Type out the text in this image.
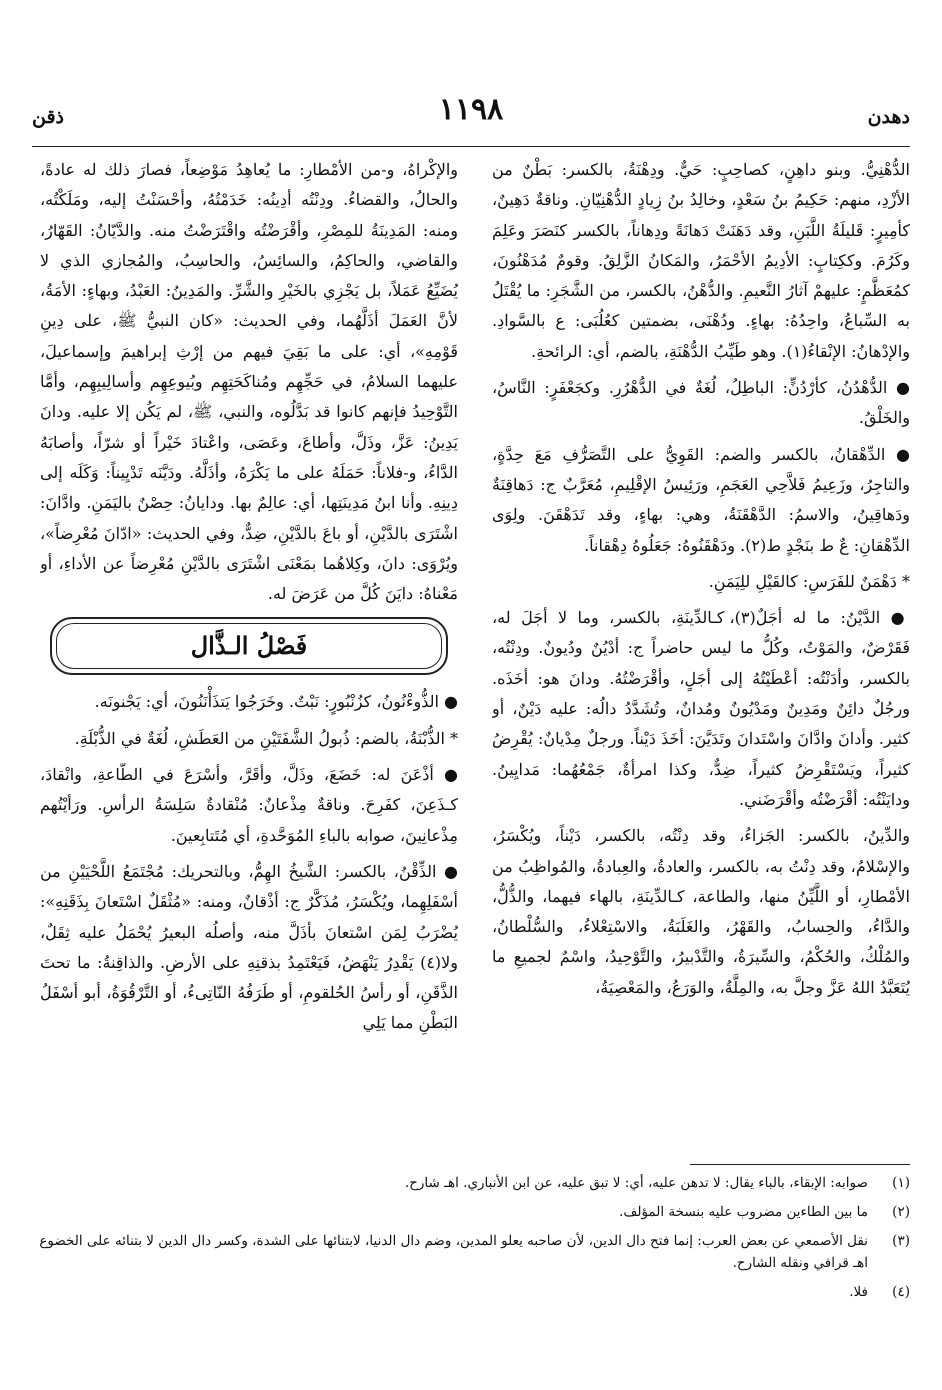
دهدن
١١٩٨
ذقن

الدُّهْنِيُّ. وبنو داهِنٍ، كصاحِبٍ: حَيٌّ. ودِهْنَةُ، بالكسر: بَطْنٌ من الأزْدِ، منهم: حَكِيمُ بنُ سَعْدٍ، وخالِدُ بنُ زِيادٍ الدُّهْنِيّانِ. وناقةٌ دَهِينٌ، كأمِيرٍ: قَليلَةُ اللَّبَنِ، وقد دَهَنَتْ دَهانَةً ودِهاناً، بالكسر كنَصَرَ وعَلِمَ وكَرُمَ. وككِتابٍ: الأدِيمُ الأحْمَرُ، والمَكانُ الزَّلِقُ. وقومٌ مُدَهْنُونَ، كمُعَظَّمٍ: عليهمْ آثارُ النَّعيمِ. والدُّهْنُ، بالكسر، من الشَّجَرِ: ما يُقْتَلُ به السِّباعُ، واحِدُهُ: بهاءٍ. ودُهْنَى، بضمتين كعُلُبَى: ع بالسَّوادِ. والإدْهانُ: الإنْقاءُ(١). وهو طَيِّبُ الدُّهْنَةِ، بالضم، أي: الرائحةِ.

● الدُّهْدُنُ، كأرْدُنٍّ: الباطِلُ، لُغَةٌ في الدُّهْرُرِ. وكجَعْفَرٍ: النَّاسُ، والخَلْقُ.

● الدِّهْقانُ، بالكسر والضم: القَوِيُّ على التَّصَرُّفِ مَعَ حِدَّةٍ، والتاجِرُ، وزَعِيمُ فَلاَّحِي العَجَمِ، ورَئِيسُ الإقْلِيمِ، مُعَرَّبٌ ج: دَهاقِنَةٌ ودَهاقِينُ، والاسمُ: الدَّهْقَنَةُ، وهي: بهاءٍ، وقد تَدَهْقَنَ. ولِوَى الدِّهْقانِ: عٌ ط بنَجْدٍ ط(٢). ودَهْقَنُوهُ: جَعَلُوهُ دِهْقاناً.

* دَهْمَنٌ للفَرَسِ: كالقَيْلِ للِيَمَنِ.

● الدَّيْنُ: ما له أجَلٌ(٣)، كـالدِّينَةِ، بالكسر، وما لا أجَلَ له، فَقَرْضٌ، والمَوْتُ، وكُلُّ ما ليس حاضراً ج: أدْيُنٌ ودُيونٌ. ودِنْتُه، بالكسر، وأدَنْتُه: أعْطَيْتُهُ إلى أجَلٍ، وأقْرَضْتُهُ. ودانَ هو: أخَذَه. ورجُلٌ دائِنٌ ومَدِينٌ ومَدْيُونٌ ومُدانٌ، وتُشَدَّدُ دالُه: عليه دَيْنٌ، أو كثير. وأدانَ وادَّانَ واسْتَدانَ وتَدَيَّنَ: أخَذَ دَيْناً. ورجلٌ مِدْيانٌ: يُقْرِضُ كثيراً، ويَسْتَقْرِضُ كثيراً، ضِدٌّ، وكذا امرأةٌ، جَمْعُهُما: مَدايِينُ. ودايَنْتُه: أقْرَضْتُه وأقْرَضَني.

والدِّينُ، بالكسر: الجَزاءُ، وقد دِنْتُه، بالكسر، دَيْناً، ويُكْسَرُ، والإسْلامُ، وقد دِنْتُ به، بالكسر، والعادةُ، والعِبادةُ، والمُواظِبُ من الأمْطارِ، أو اللَّيِّنُ منها، والطاعة، كـالدِّينَةِ، بالهاء فيهما، والذُّلُّ، والدَّاءُ، والحِسابُ، والقَهْرُ، والغَلَبَةُ، والاسْتِعْلاءُ، والسُّلْطانُ، والمُلْكُ، والحُكْمُ، والسِّيرَةُ، والتَّدْبيرُ، والتَّوْحِيدُ، واسْمٌ لجميعِ ما يُتَعَبَّدُ اللهُ عَزَّ وجلَّ به، والمِلَّةُ، والوَرَعُ، والمَعْصِيَةُ،

والإكْراهُ، و-من الأمْطارِ: ما يُعاهِدُ مَوْضِعاً، فصارَ ذلك له عادةً، والحالُ، والقضاءُ. ودِنْتُه أدِينُه: خَدَمْتُهُ، وأحْسَنْتُ إليه، ومَلَكْتُه، ومنه: المَدِينَةُ للمِصْرِ، وأقْرَضْتُه واقْتَرَضْتُ منه. والدَّيّانُ: القَهّارُ، والقاضي، والحاكِمُ، والسائِسُ، والحاسِبُ، والمُجازي الذي لا يُضَيِّعُ عَمَلاً، بل يَجْزِي بالخَيْرِ والشَّرِّ. والمَدِينُ: العَبْدُ، وبهاءٍ: الأمَةُ، لأنَّ العَمَلَ أذَلَّهُما، وفي الحديث: «كان النبيُّ ﷺ، على دِينِ قَوْمِهِ»، أي: على ما بَقِيَ فيهم من إرْثِ إبراهيمَ وإسماعيلَ، عليهما السلامُ، في حَجِّهِم ومُناكَحَتِهِم وبُيوعِهِم وأسالِيبِهِم، وأمَّا التَّوْحِيدُ فإنهم كانوا قد بَدَّلُوه، والنبي، ﷺ، لم يَكُن إلا عليه. ودانَ يَدِينُ: عَزَّ، وذَلَّ، وأطاعَ، وعَصَى، واعْتادَ خَيْراً أو شرّاً، وأصابَهُ الدَّاءُ، و-فلاناً: حَمَلَهُ على ما يَكْرَهُ، وأذَلَّهُ. ودَيَّنَه تَدْيِيناً: وَكَلَه إلى دِينِهِ. وأنا ابنُ مَدِينَتِها، أي: عالِمٌ بها. ودايانُ: حِصْنٌ باليَمَنِ. وادَّانَ: اشْتَرَى بالدَّيْنِ، أو باعَ بالدَّيْنِ، ضِدٌّ، وفي الحديث: «ادّانَ مُعْرِضاً»، ويُرْوَى: دانَ، وكِلاهُما بمَعْنَى اشْتَرَى بالدَّيْنِ مُعْرِضاً عن الأداءِ، أو مَعْناهُ: دايَنَ كُلَّ من عَرَضَ له.

فَصْلُ الـذَّال

● الذُّوءْنُونُ، كزُنْبُورٍ: نَبْتٌ. وخَرَجُوا يَتذَأْنَنُونَ، أي: يَجْنونَه.

* الذُّبْنَةُ، بالضم: ذُبولُ الشَّفَتَيْنِ من العَطَشِ، لُغَةٌ في الذُّبْلَةِ.

● أذْعَنَ له: خَضَعَ، وذَلَّ، وأقَرَّ، وأسْرَعَ في الطّاعةِ، وانْقادَ، كـذَعِنَ، كفَرِحَ. وناقةٌ مِذْعانٌ: مُنْقادةٌ سَلِسَةُ الرأسِ. ورَأيْتُهم مِذْعانِينَ، صوابه بالباءِ المُوَحَّدةِ، أي مُتَتابِعينَ.

● الذِّقْنُ، بالكسر: الشَّيخُ الهِمُّ، وبالتحريك: مُجْتَمَعُ اللَّحْيَيْنِ من أسْفَلِهِما، ويُكْسَرُ، مُذَكَّرٌ ج: أذْقانٌ، ومنه: «مُثْقَلٌ اسْتَعانَ بِذَقَنِهِ»: يُضْرَبُ لِمَن اسْتعانَ بأذَلَّ منه، وأصلُه البعيرُ يُحْمَلُ عليه ثِقَلٌ، ولا(٤) يَقْدِرُ يَنْهَضُ، فَيَعْتَمِدُ بذقنِهِ على الأرضِ. والذاقِنةُ: ما تحتَ الذَّقَنِ، أو رأسُ الحُلقومِ، أو طَرَفُهُ النّاتِىءُ، أو التَّرْقُوَةُ، أبو أسْفَلُ البَطْنِ مما يَلِي

(١)
صوابه: الإبقاء، بالباء يقال: لا تدهن عليه، أي: لا تبق عليه، عن ابن الأنباري. اهـ شارح.
(٢)
ما بين الطاءين مضروب عليه بنسخة المؤلف.
(٣)
نقل الأصمعي عن بعض العرب: إنما فتح دال الدين، لأن صاحبه يعلو المدين، وضم دال الدنيا، لابتنائها على الشدة، وكسر دال الدين لا بتنائه على الخضوع اهـ قرافي ونقله الشارح.
(٤)
فلا.
